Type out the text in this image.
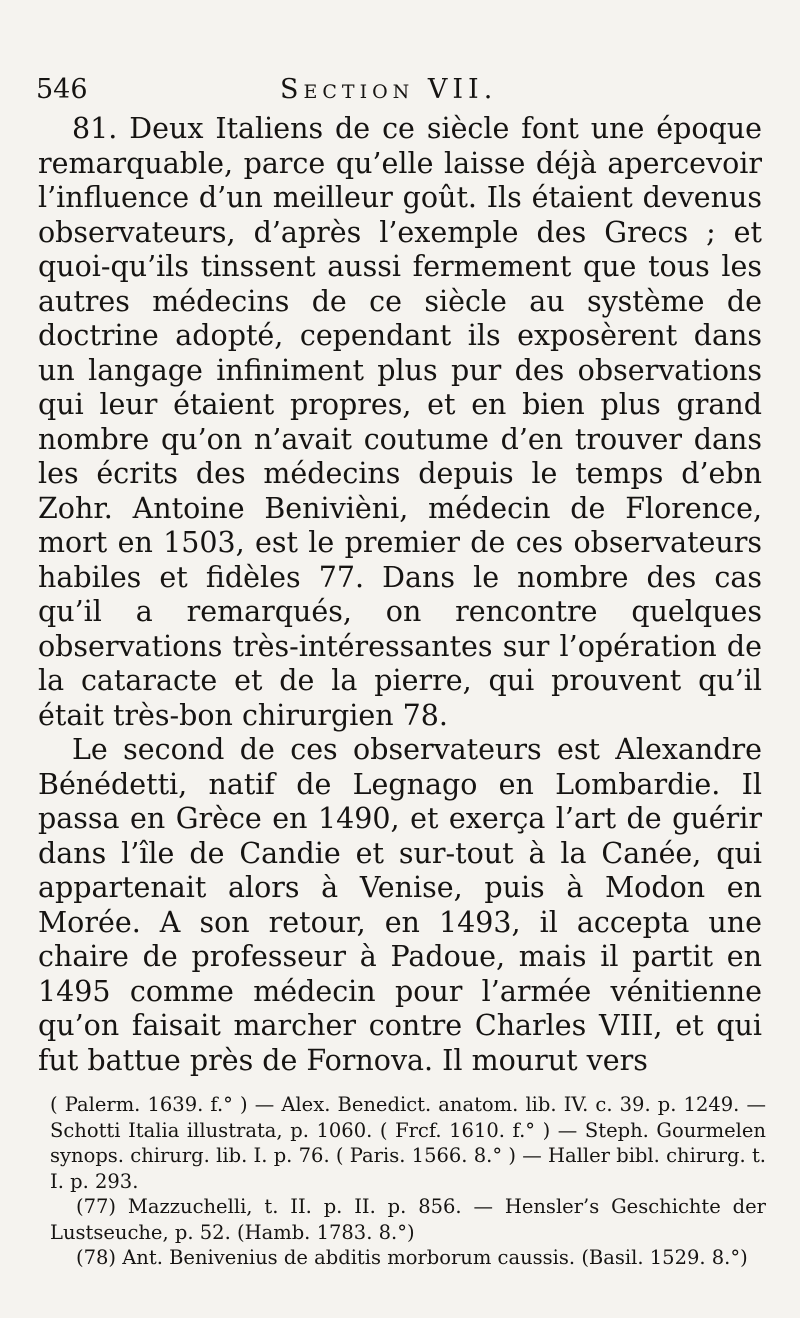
546	Section VII.

81. Deux Italiens de ce siècle font une époque remarquable, parce qu’elle laisse déjà apercevoir l’influence d’un meilleur goût. Ils étaient devenus observateurs, d’après l’exemple des Grecs ; et quoi-qu’ils tinssent aussi fermement que tous les autres médecins de ce siècle au système de doctrine adopté, cependant ils exposèrent dans un langage infiniment plus pur des observations qui leur étaient propres, et en bien plus grand nombre qu’on n’avait coutume d’en trouver dans les écrits des médecins depuis le temps d’ebn Zohr. Antoine Benivièni, médecin de Florence, mort en 1503, est le premier de ces observateurs habiles et fidèles 77. Dans le nombre des cas qu’il a remarqués, on rencontre quelques observations très-intéressantes sur l’opération de la cataracte et de la pierre, qui prouvent qu’il était très-bon chirurgien 78.

Le second de ces observateurs est Alexandre Bénédetti, natif de Legnago en Lombardie. Il passa en Grèce en 1490, et exerça l’art de guérir dans l’île de Candie et sur-tout à la Canée, qui appartenait alors à Venise, puis à Modon en Morée. A son retour, en 1493, il accepta une chaire de professeur à Padoue, mais il partit en 1495 comme médecin pour l’armée vénitienne qu’on faisait marcher contre Charles VIII, et qui fut battue près de Fornova. Il mourut vers

( Palerm. 1639. f.° ) — Alex. Benedict. anatom. lib. IV. c. 39. p. 1249. — Schotti Italia illustrata, p. 1060. ( Frcf. 1610. f.° ) — Steph. Gourmelen synops. chirurg. lib. I. p. 76. ( Paris. 1566. 8.° ) — Haller bibl. chirurg. t. I. p. 293.

(77) Mazzuchelli, t. II. p. II. p. 856. — Hensler’s Geschichte der Lustseuche, p. 52. (Hamb. 1783. 8.°)

(78) Ant. Benivenius de abditis morborum caussis. (Basil. 1529. 8.°)
